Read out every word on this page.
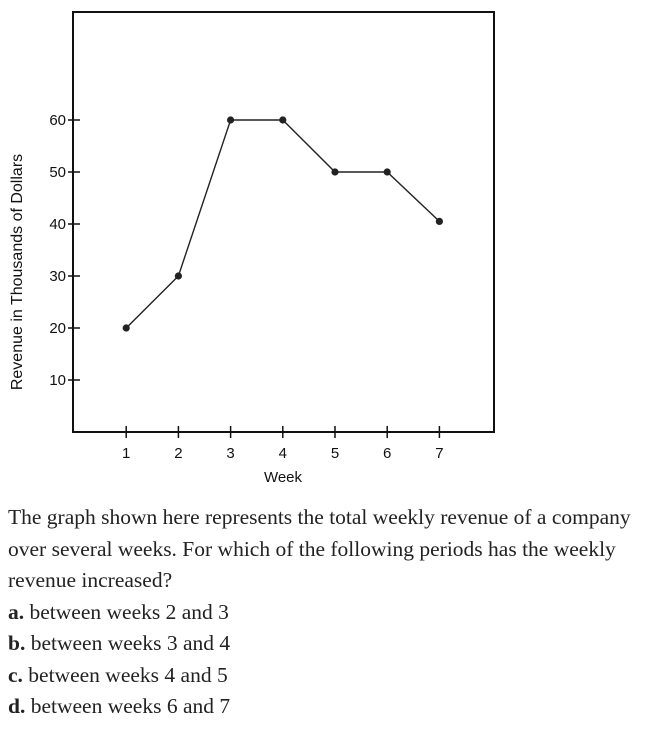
10
20
30
40
50
60
1	2	3	4	5	6	7
Week
Revenue in Thousands of Dollars

The graph shown here represents the total weekly revenue of a company over several weeks. For which of the following periods has the weekly revenue increased?

a. between weeks 2 and 3
b. between weeks 3 and 4
c. between weeks 4 and 5
d. between weeks 6 and 7
